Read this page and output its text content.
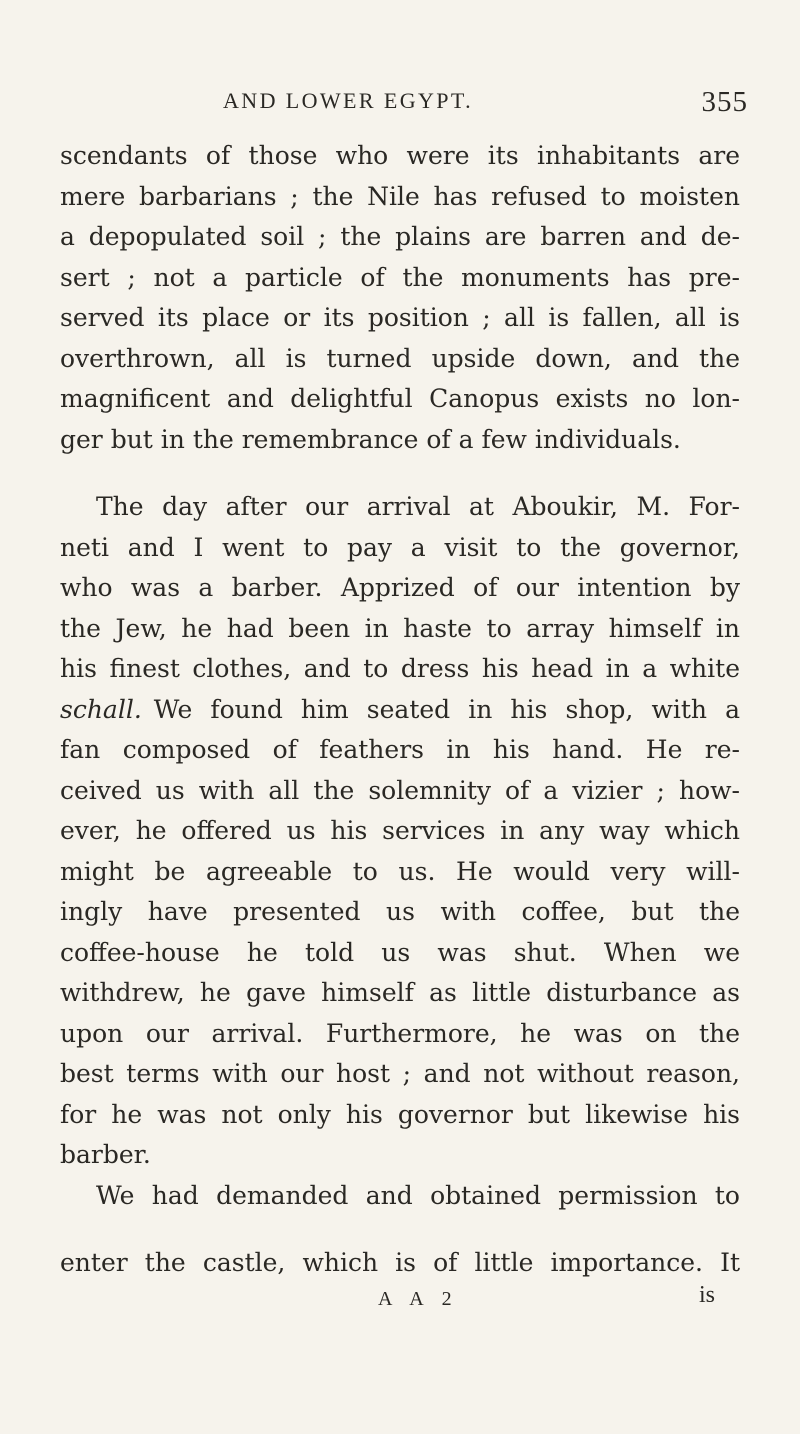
AND LOWER EGYPT.	355
scendants of those who were its inhabitants are
mere barbarians ; the Nile has refused to moisten
a depopulated soil ; the plains are barren and de-
sert ; not a particle of the monuments has pre-
served its place or its position ; all is fallen, all is
overthrown, all is turned upside down, and the
magnificent and delightful Canopus exists no lon-
ger but in the remembrance of a few individuals.
The day after our arrival at Aboukir, M. For-
neti and I went to pay a visit to the governor,
who was a barber. Apprized of our intention by
the Jew, he had been in haste to array himself in
his finest clothes, and to dress his head in a white
schall. We found him seated in his shop, with a
fan composed of feathers in his hand. He re-
ceived us with all the solemnity of a vizier ; how-
ever, he offered us his services in any way which
might be agreeable to us. He would very will-
ingly have presented us with coffee, but the
coffee-house he told us was shut. When we
withdrew, he gave himself as little disturbance as
upon our arrival. Furthermore, he was on the
best terms with our host ; and not without reason,
for he was not only his governor but likewise his
barber.
We had demanded and obtained permission to
enter the castle, which is of little importance. It
A A 2	is
